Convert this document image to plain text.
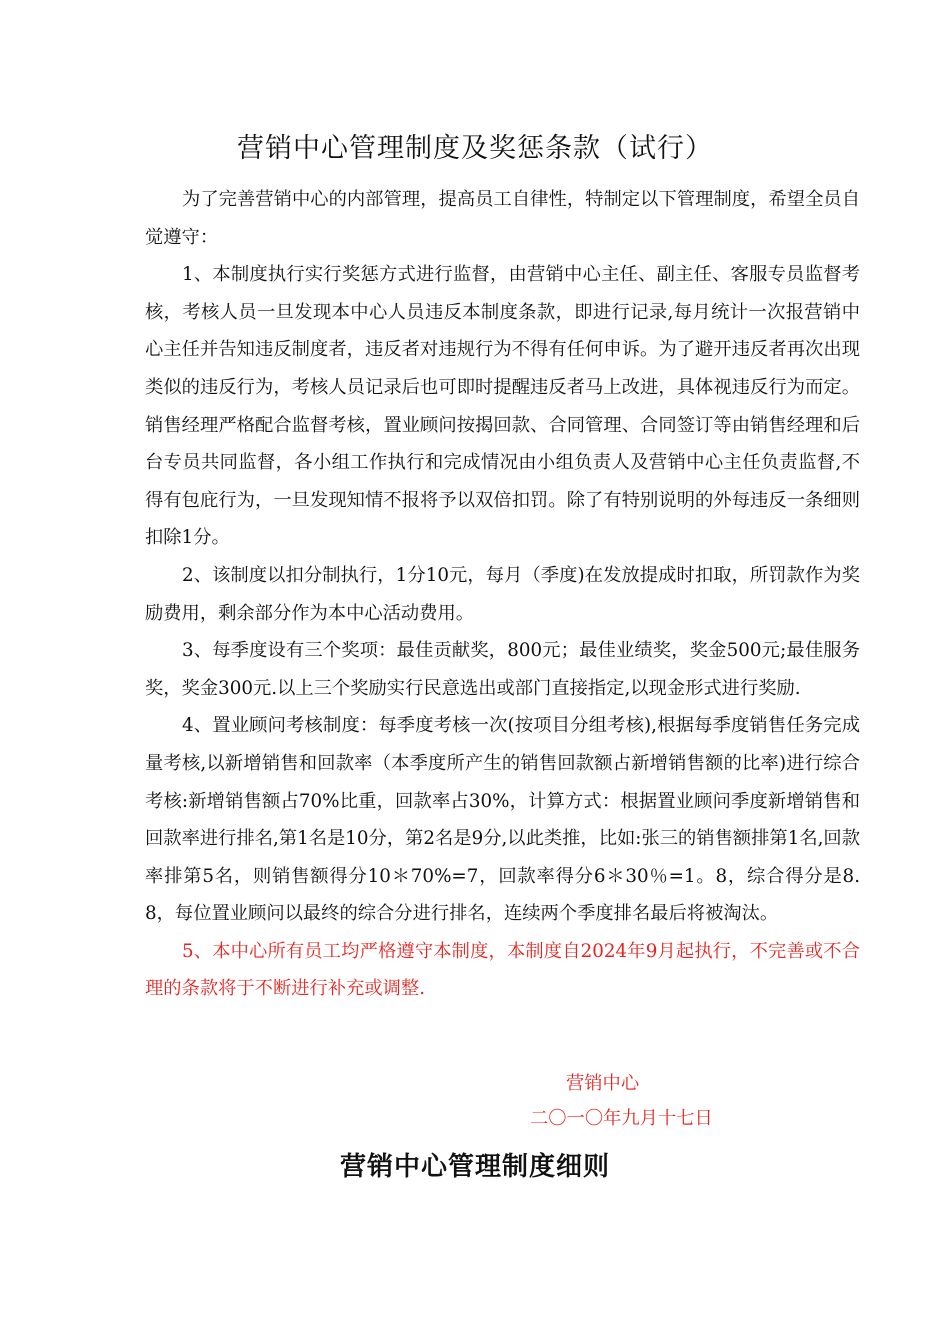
营销中心管理制度及奖惩条款（试行）

为了完善营销中心的内部管理，提高员工自律性，特制定以下管理制度，希望全员自觉遵守：

1、本制度执行实行奖惩方式进行监督，由营销中心主任、副主任、客服专员监督考核，考核人员一旦发现本中心人员违反本制度条款，即进行记录,每月统计一次报营销中心主任并告知违反制度者，违反者对违规行为不得有任何申诉。为了避开违反者再次出现类似的违反行为，考核人员记录后也可即时提醒违反者马上改进，具体视违反行为而定。销售经理严格配合监督考核，置业顾问按揭回款、合同管理、合同签订等由销售经理和后台专员共同监督，各小组工作执行和完成情况由小组负责人及营销中心主任负责监督,不得有包庇行为，一旦发现知情不报将予以双倍扣罚。除了有特别说明的外每违反一条细则扣除1分。

2、该制度以扣分制执行，1分10元，每月（季度)在发放提成时扣取，所罚款作为奖励费用，剩余部分作为本中心活动费用。

3、每季度设有三个奖项：最佳贡献奖，800元；最佳业绩奖，奖金500元;最佳服务奖，奖金300元.以上三个奖励实行民意选出或部门直接指定,以现金形式进行奖励.

4、置业顾问考核制度：每季度考核一次(按项目分组考核),根据每季度销售任务完成量考核,以新增销售和回款率（本季度所产生的销售回款额占新增销售额的比率)进行综合考核:新增销售额占70%比重，回款率占30%，计算方式：根据置业顾问季度新增销售和回款率进行排名,第1名是10分，第2名是9分,以此类推，比如:张三的销售额排第1名,回款率排第5名，则销售额得分10＊70%=7，回款率得分6＊30％=1。8，综合得分是8.8，每位置业顾问以最终的综合分进行排名，连续两个季度排名最后将被淘汰。

5、本中心所有员工均严格遵守本制度，本制度自2024年9月起执行，不完善或不合理的条款将于不断进行补充或调整.

营销中心
二〇一〇年九月十七日
营销中心管理制度细则
